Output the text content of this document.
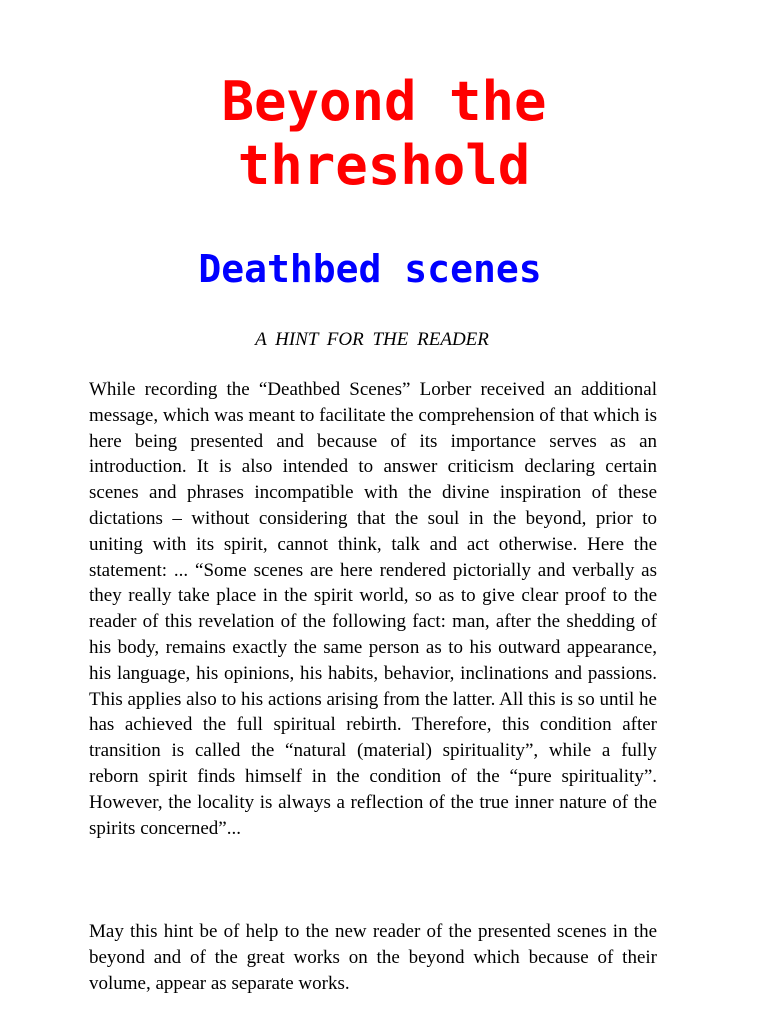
Beyond the
threshold
Deathbed scenes

A HINT FOR THE READER

While recording the “Deathbed Scenes” Lorber received an additional message, which was meant to facilitate the comprehension of that which is here being presented and because of its importance serves as an introduction. It is also intended to answer criticism declaring certain scenes and phrases incompatible with the divine inspiration of these dictations – without considering that the soul in the beyond, prior to uniting with its spirit, cannot think, talk and act otherwise. Here the statement: ... “Some scenes are here rendered pictorially and verbally as they really take place in the spirit world, so as to give clear proof to the reader of this revelation of the following fact: man, after the shedding of his body, remains exactly the same person as to his outward appearance, his language, his opinions, his habits, behavior, inclinations and passions. This applies also to his actions arising from the latter. All this is so until he has achieved the full spiritual rebirth. Therefore, this condition after transition is called the “natural (material) spirituality”, while a fully reborn spirit finds himself in the condition of the “pure spirituality”. However, the locality is always a reflection of the true inner nature of the spirits concerned”...

May this hint be of help to the new reader of the presented scenes in the beyond and of the great works on the beyond which because of their volume, appear as separate works.
